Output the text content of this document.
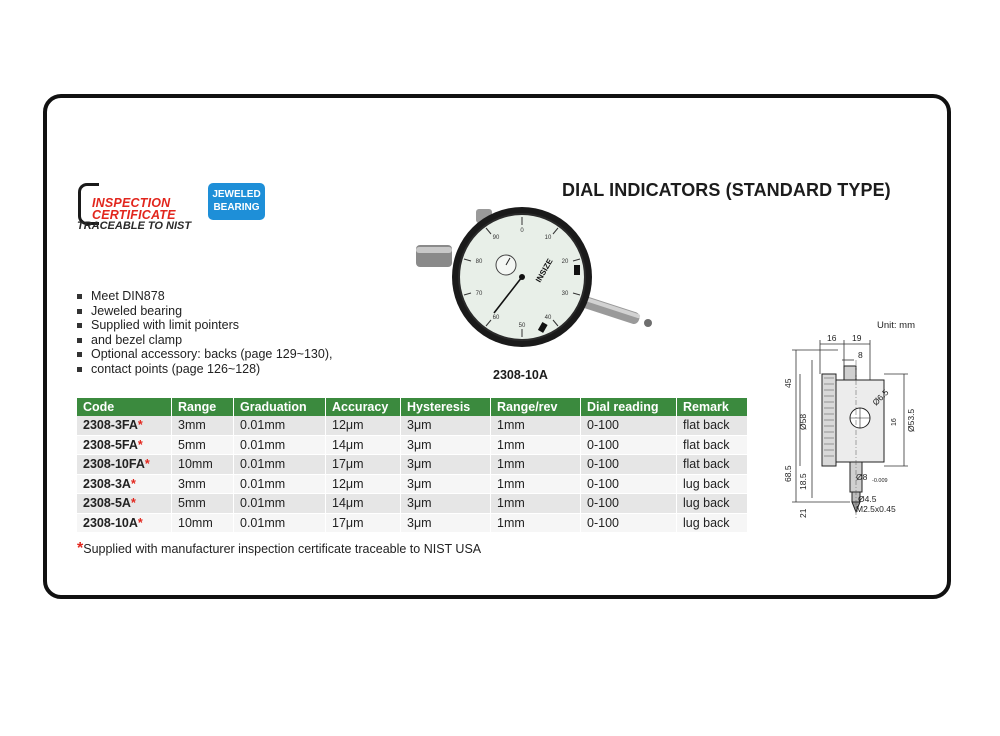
INSPECTION
CERTIFICATE
TRACEABLE TO NIST
JEWELED
BEARING
DIAL INDICATORS (STANDARD TYPE)
Meet DIN878
Jeweled bearing
Supplied with limit pointers
and bezel clamp
Optional accessory: backs (page 129~130),
contact points (page 126~128)
0
10
20
30
40
50
60
70
80
90
INSIZE
2308-10A
Code	Range	Graduation	Accuracy	Hysteresis	Range/rev	Dial reading	Remark
2308-3FA*	3mm	0.01mm	12μm	3μm	1mm	0-100	flat back
2308-5FA*	5mm	0.01mm	14μm	3μm	1mm	0-100	flat back
2308-10FA*	10mm	0.01mm	17μm	3μm	1mm	0-100	flat back
2308-3A*	3mm	0.01mm	12μm	3μm	1mm	0-100	lug back
2308-5A*	5mm	0.01mm	14μm	3μm	1mm	0-100	lug back
2308-10A*	10mm	0.01mm	17μm	3μm	1mm	0-100	lug back
*Supplied with manufacturer inspection certificate traceable to NIST USA
Unit: mm
16 19
8
45
Ø58
Ø6.5
16 Ø53.5
68.5 18.5	Ø8 -0.009
Ø4.5
21	M2.5x0.45
